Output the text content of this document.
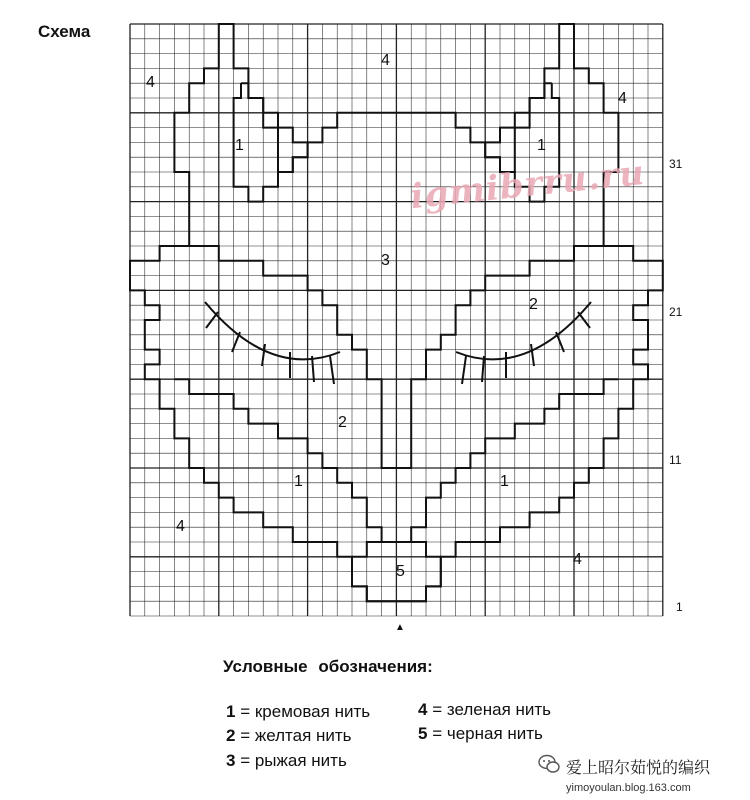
Схема
igmibrru.ru
4
4
4
1	1
3
2
2
1	1
4
4
5
31
21
11
1
▲
Условные обозначения:
1 = кремовая нить
2 = желтая нить
3 = рыжая нить
4 = зеленая нить
5 = черная нить
爱上昭尔茹悦的编织
yimoyoulan.blog.163.com
